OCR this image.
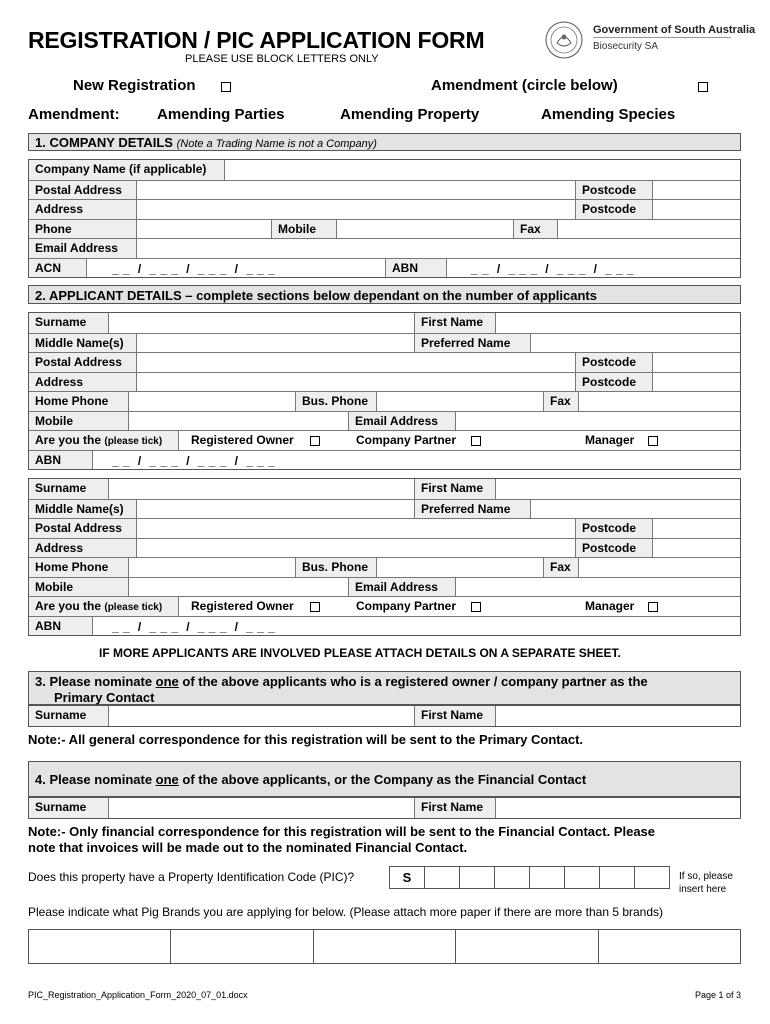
REGISTRATION / PIC APPLICATION FORM
PLEASE USE BLOCK LETTERS ONLY
Government of South Australia
Biosecurity SA
New Registration	Amendment (circle below)
Amendment: Amending Parties	Amending Property	Amending Species
1. COMPANY DETAILS (Note a Trading Name is not a Company)
Company Name (if applicable)
Postal Address	Postcode
Address	Postcode
Phone	Mobile	Fax
Email Address
ACN	_ _  /  _ _ _  /  _ _ _  /  _ _ _	ABN	_ _  /  _ _ _  /  _ _ _  /  _ _ _
2. APPLICANT DETAILS – complete sections below dependant on the number of applicants
Surname	First Name
Middle Name(s)	Preferred Name
Postal Address	Postcode
Address	Postcode
Home Phone	Bus. Phone	Fax
Mobile	Email Address
Are you the (please tick)	Registered Owner	Company Partner	Manager
ABN	_ _  /  _ _ _  /  _ _ _  /  _ _ _
Surname	First Name
Middle Name(s)	Preferred Name
Postal Address	Postcode
Address	Postcode
Home Phone	Bus. Phone	Fax
Mobile	Email Address
Are you the (please tick)	Registered Owner	Company Partner	Manager
ABN	_ _  /  _ _ _  /  _ _ _  /  _ _ _
IF MORE APPLICANTS ARE INVOLVED PLEASE ATTACH DETAILS ON A SEPARATE SHEET.
3. Please nominate one of the above applicants who is a registered owner / company partner as the
Primary Contact
Surname	First Name
Note:- All general correspondence for this registration will be sent to the Primary Contact.
4. Please nominate one of the above applicants, or the Company as the Financial Contact
Surname	First Name
Note:- Only financial correspondence for this registration will be sent to the Financial Contact. Please
note that invoices will be made out to the nominated Financial Contact.
Does this property have a Property Identification Code (PIC)?	S	If so, please
insert here
Please indicate what Pig Brands you are applying for below. (Please attach more paper if there are more than 5 brands)
PIC_Registration_Application_Form_2020_07_01.docx	Page 1 of 3
